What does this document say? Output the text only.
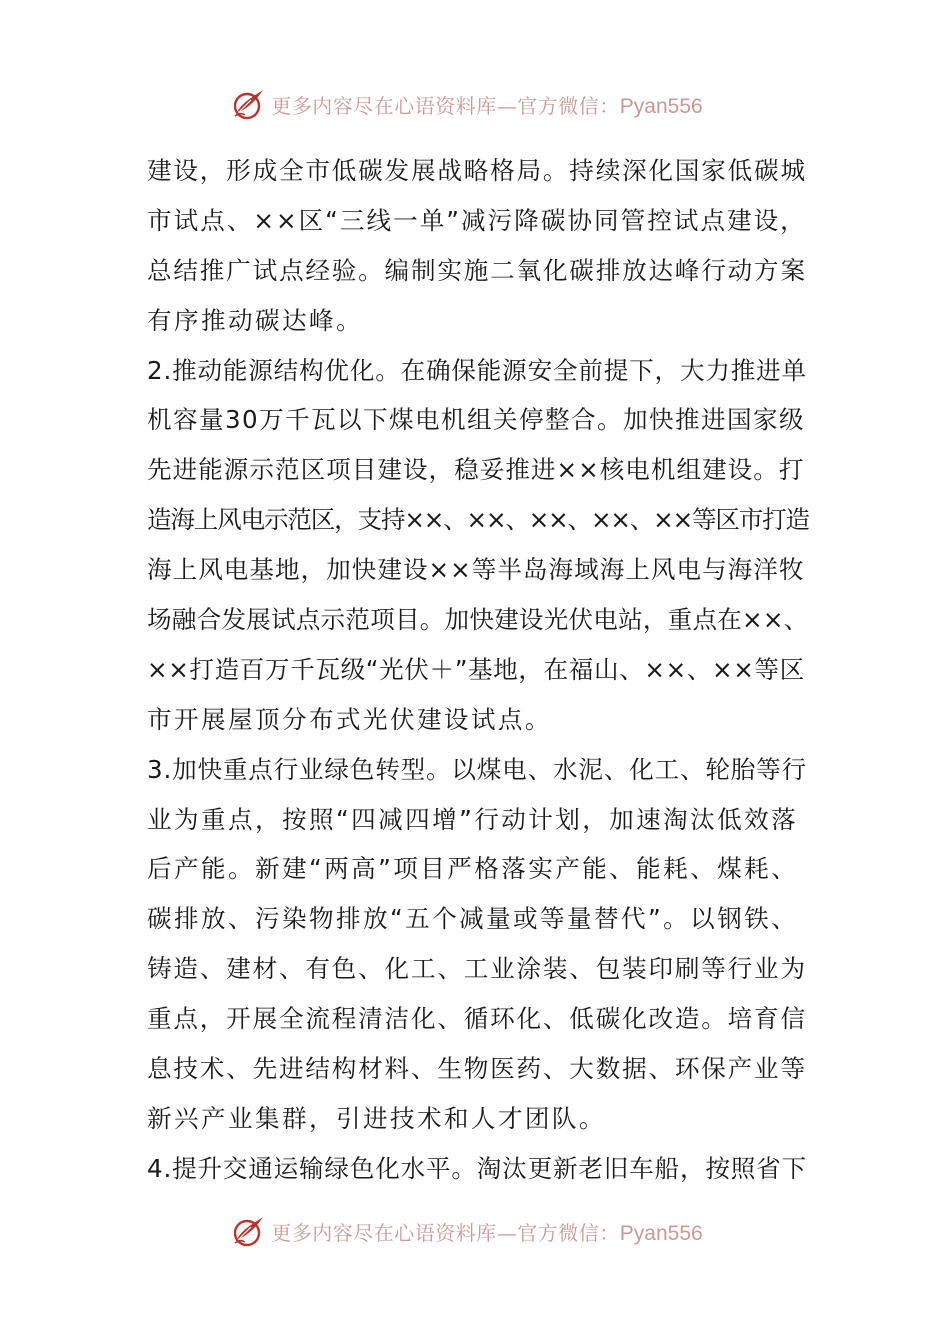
更多内容尽在心语资料库—官方微信：Pyan556
建设，形成全市低碳发展战略格局。持续深化国家低碳城
市试点、××区“三线一单”减污降碳协同管控试点建设，
总结推广试点经验。编制实施二氧化碳排放达峰行动方案
有序推动碳达峰。
2.推动能源结构优化。在确保能源安全前提下，大力推进单
机容量30万千瓦以下煤电机组关停整合。加快推进国家级
先进能源示范区项目建设，稳妥推进××核电机组建设。打
造海上风电示范区，支持××、××、××、××、××等区市打造
海上风电基地，加快建设××等半岛海域海上风电与海洋牧
场融合发展试点示范项目。加快建设光伏电站，重点在××、
××打造百万千瓦级“光伏＋”基地，在福山、××、××等区
市开展屋顶分布式光伏建设试点。
3.加快重点行业绿色转型。以煤电、水泥、化工、轮胎等行
业为重点，按照“四减四增”行动计划，加速淘汰低效落
后产能。新建“两高”项目严格落实产能、能耗、煤耗、
碳排放、污染物排放“五个减量或等量替代”。以钢铁、
铸造、建材、有色、化工、工业涂装、包装印刷等行业为
重点，开展全流程清洁化、循环化、低碳化改造。培育信
息技术、先进结构材料、生物医药、大数据、环保产业等
新兴产业集群，引进技术和人才团队。
4.提升交通运输绿色化水平。淘汰更新老旧车船，按照省下
更多内容尽在心语资料库—官方微信：Pyan556
